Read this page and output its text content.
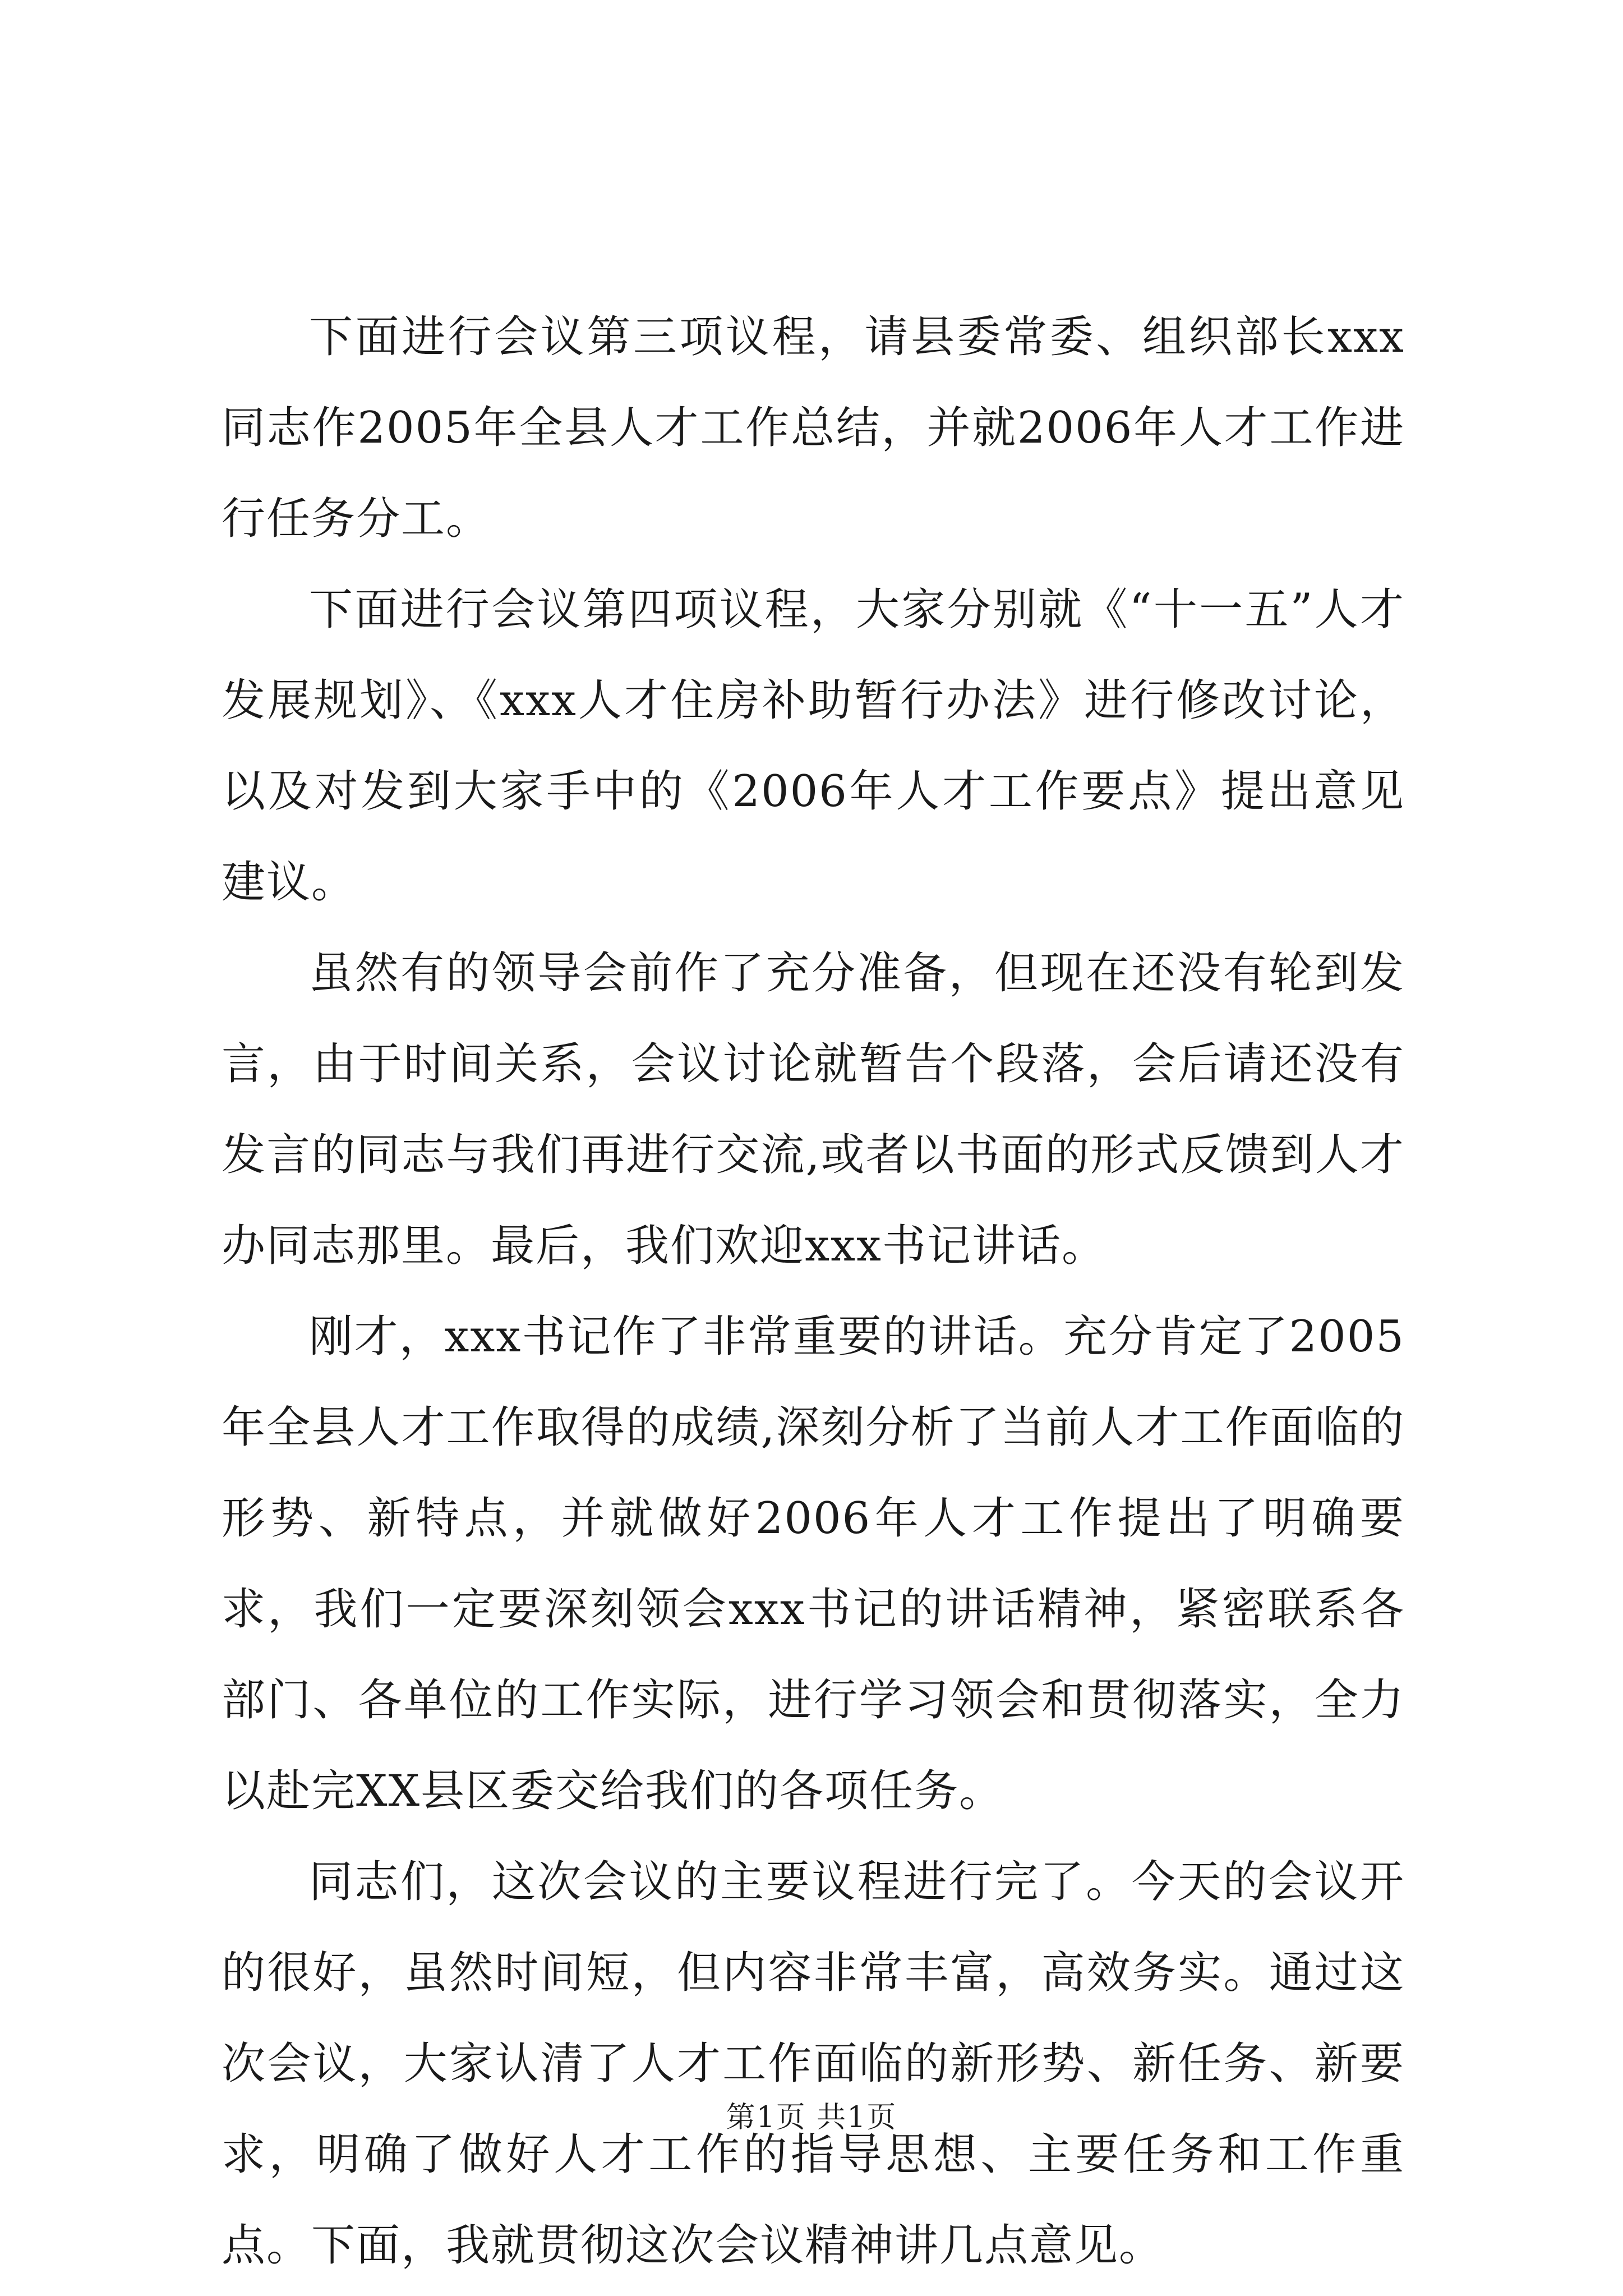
下面进行会议第三项议程，请县委常委、组织部长xxx同志作2005年全县人才工作总结，并就2006年人才工作进行任务分工。

下面进行会议第四项议程，大家分别就《“十一五”人才发展规划》、《xxx人才住房补助暂行办法》进行修改讨论，以及对发到大家手中的《2006年人才工作要点》提出意见建议。

虽然有的领导会前作了充分准备，但现在还没有轮到发言，由于时间关系，会议讨论就暂告个段落，会后请还没有发言的同志与我们再进行交流,或者以书面的形式反馈到人才办同志那里。最后，我们欢迎xxx书记讲话。

刚才，xxx书记作了非常重要的讲话。充分肯定了2005年全县人才工作取得的成绩,深刻分析了当前人才工作面临的形势、新特点，并就做好2006年人才工作提出了明确要求，我们一定要深刻领会xxx书记的讲话精神，紧密联系各部门、各单位的工作实际，进行学习领会和贯彻落实，全力以赴完XX县区委交给我们的各项任务。

同志们，这次会议的主要议程进行完了。今天的会议开的很好，虽然时间短，但内容非常丰富，高效务实。通过这次会议，大家认清了人才工作面临的新形势、新任务、新要求，明确了做好人才工作的指导思想、主要任务和工作重点。下面，我就贯彻这次会议精神讲几点意见。

第1页 共1页
